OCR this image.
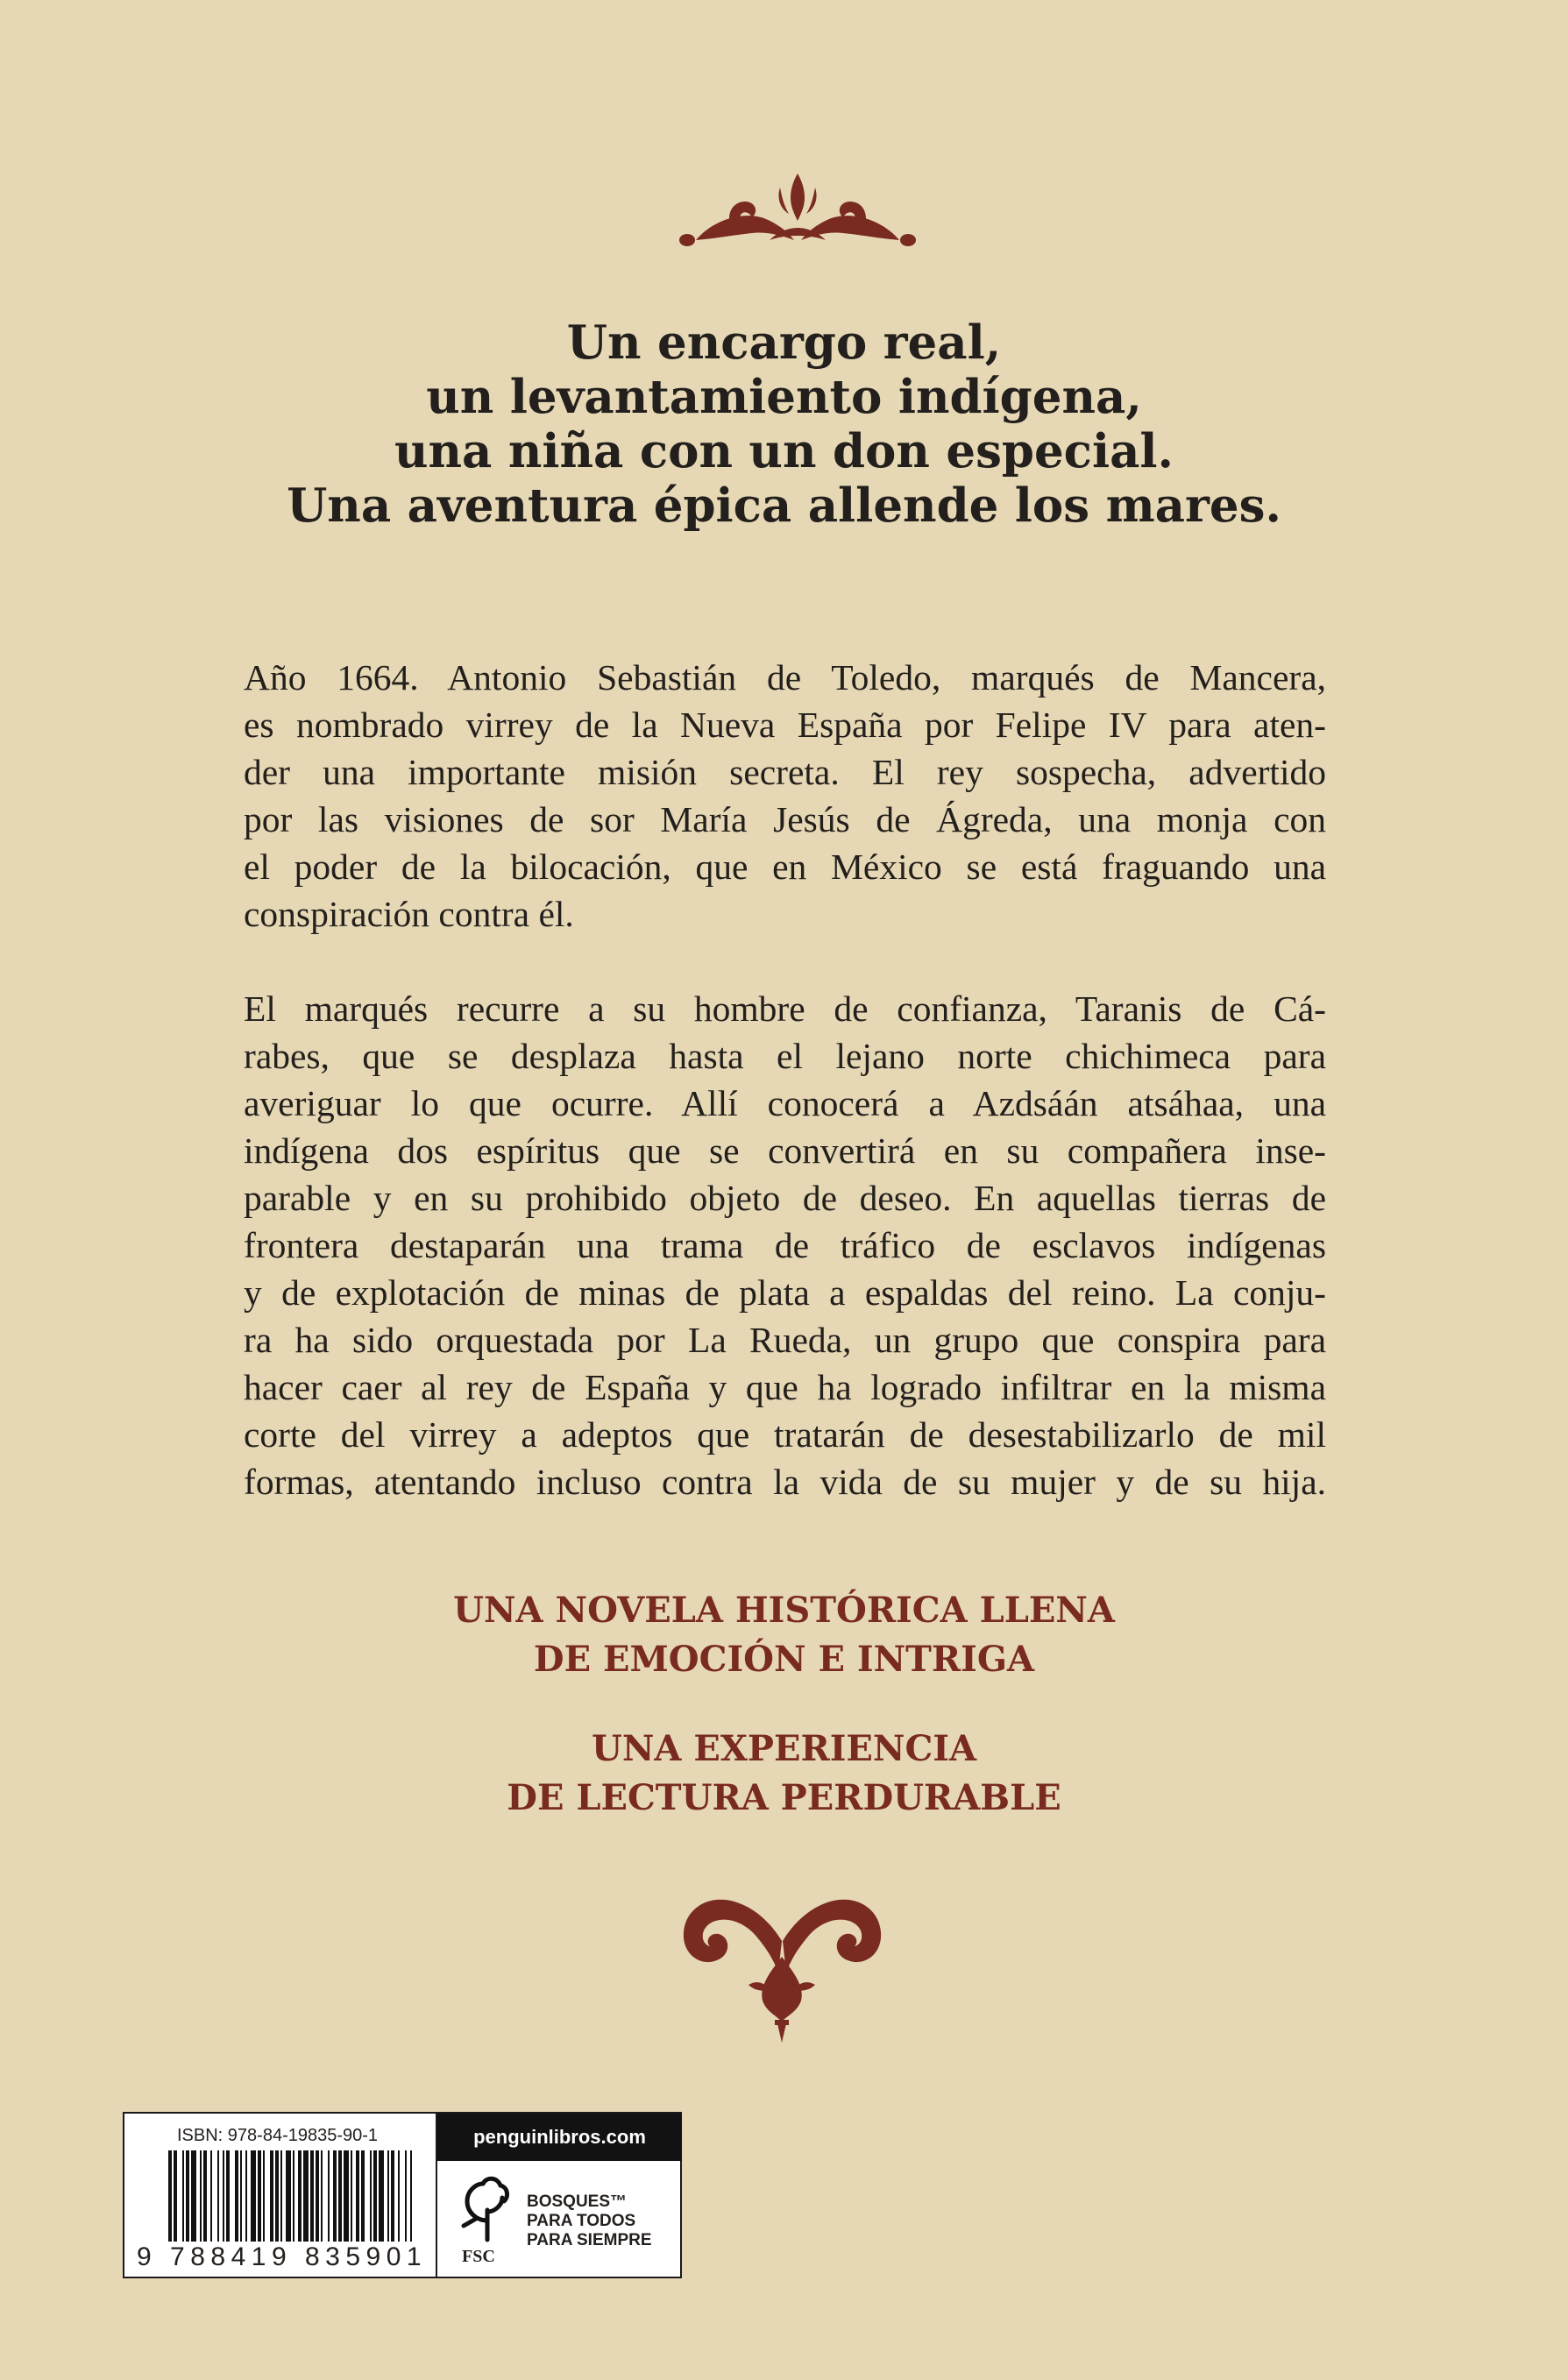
Un encargo real,
un levantamiento indígena,
una niña con un don especial.
Una aventura épica allende los mares.

Año 1664. Antonio Sebastián de Toledo, marqués de Mancera,
es nombrado virrey de la Nueva España por Felipe IV para aten-
der una importante misión secreta. El rey sospecha, advertido
por las visiones de sor María Jesús de Ágreda, una monja con
el poder de la bilocación, que en México se está fraguando una
conspiración contra él.

El marqués recurre a su hombre de confianza, Taranis de Cá-
rabes, que se desplaza hasta el lejano norte chichimeca para
averiguar lo que ocurre. Allí conocerá a Azdsáán atsáhaa, una
indígena dos espíritus que se convertirá en su compañera inse-
parable y en su prohibido objeto de deseo. En aquellas tierras de
frontera destaparán una trama de tráfico de esclavos indígenas
y de explotación de minas de plata a espaldas del reino. La conju-
ra ha sido orquestada por La Rueda, un grupo que conspira para
hacer caer al rey de España y que ha logrado infiltrar en la misma
corte del virrey a adeptos que tratarán de desestabilizarlo de mil
formas, atentando incluso contra la vida de su mujer y de su hija.

UNA NOVELA HISTÓRICA LLENA
DE EMOCIÓN E INTRIGA
UNA EXPERIENCIA
DE LECTURA PERDURABLE
ISBN: 978-84-19835-90-1
9 788419 835901
penguinlibros.com
FSC
BOSQUES™
PARA TODOS
PARA SIEMPRE
